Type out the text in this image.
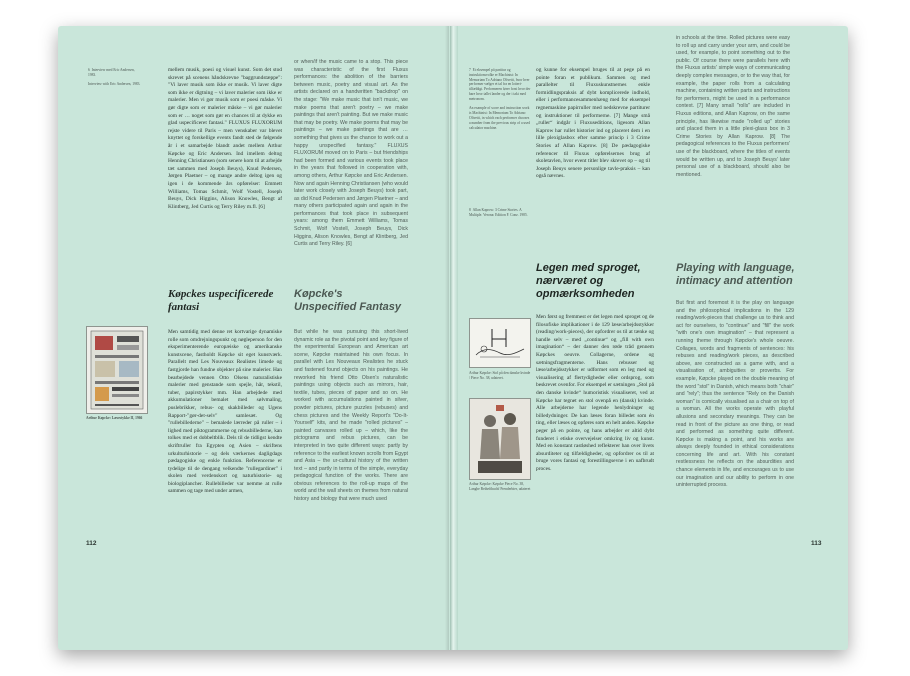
6 Interview med Eric Andersen, 1983.

Interview with Eric Andersen, 1983.

mellem musik, poesi og visuel kunst. Som det stod skrevet på scenens håndskrevne "baggrundstæppe": "Vi laver musik som ikke er musik. Vi laver digte som ikke er digtning – vi laver malerier som ikke er malerier. Men vi gør musik som er poesi måske. Vi gør digte som er malerier måske – vi gør malerier som er … noget som gør en chances til at dykke en glad uspecificeret fantasi." FLUXUS FLUXORUM rejste videre til Paris – men venskaber var blevet knyttet og forskellige events fandt sted de følgende år i et samarbejde blandt andet mellem Arthur Køpcke og Eric Andersen. Ind imellem deltog Henning Christiansen (som senere kom til at arbejde tæt sammen med Joseph Beuys), Knud Pedersen, Jørgen Plaetner – og mange andre deltog igen og igen i de kommende års opførelser: Emmett Williams, Tomas Schmit, Wolf Vostell, Joseph Beuys, Dick Higgins, Alison Knowles, Bengt af Klintberg, Jed Curtis og Terry Riley m.fl. [6]

or when/if the music came to a stop. This piece was characteristic of the first Fluxus performances: the abolition of the barriers between music, poetry and visual art. As the artists declared on a handwritten "backdrop" on the stage: "We make music that isn't music, we make poems that aren't poetry – we make paintings that aren't painting. But we make music that may be poetry. We make poems that may be paintings – we make paintings that are … something that gives us the chance to work out a happy unspecified fantasy." FLUXUS FLUXORUM moved on to Paris – but friendships had been formed and various events took place in the years that followed in cooperation with, among others, Arthur Køpcke and Eric Andersen. Now and again Henning Christiansen (who would later work closely with Joseph Beuys) took part, as did Knud Pedersen and Jørgen Plaetner – and many others participated again and again in the performances that took place in subsequent years: among them Emmett Williams, Tomas Schmit, Wolf Vostell, Joseph Beuys, Dick Higgins, Alison Knowles, Bengt af Klintberg, Jed Curtis and Terry Riley. [6]

Køpckes uspecificerede fantasi
Køpcke's Unspecified Fantasy

Arthur Køpcke: Læsestykke II, 1966

Men samtidig med denne ret kortvarige dynamiske rolle som omdrejningspunkt og nøgleperson for den eksperimenterende europæiske og amerikanske kunstscene, fastholdt Køpcke sit eget kunstværk. Parallelt med Les Nouveaux Realistes limede og fastgjorde han fundne objekter på sine malerier. Han bearbejdede vennen Otto Olsens naturalistiske malerier med genstande som spejle, hår, tekstil, tuber, papirstykker mm. Han arbejdede med akkumulationer bemalet med sølvmaling, puslebrikker, rebus- og skakbilleder og Ugens Rapport-"gør-det-selv" samlesæt. Og "rullebillederne" – bemalede lærreder på ruller – i lighed med piktogrammerne og rebusbillederne, kan tolkes med et dobbeltblik. Dels til de tidligst kendte skriftruller fra Egypten og Asien – skriftens urkulturhistorie – og dels værkernes dagligdags pædagogiske og enkle funktion. Referencerne er tydelige til de dengang velkendte "rullegardiner" i skolen med verdenskort og naturhistorie- og biologiplancher. Rullebilleder var nemme at rulle sammen og tage med under armen,

But while he was pursuing this short-lived dynamic role as the pivotal point and key figure of the experimental European and American art scene, Køpcke maintained his own focus. In parallel with Les Nouveaux Realistes he stuck and fastened found objects on his paintings. He reworked his friend Otto Olsen's naturalistic paintings using objects such as mirrors, hair, textile, tubes, pieces of paper and so on. He worked with accumulations painted in silver, powder pictures, picture puzzles (rebuses) and chess pictures and the Weekly Report's "Do-It-Yourself" kits, and he made "rolled pictures" – painted canvases rolled up – which, like the pictograms and rebus pictures, can be interpreted in two quite different ways: partly by reference to the earliest known scrolls from Egypt and Asia – the ur-cultural history of the written text – and partly in terms of the simple, everyday pedagogical function of the works. There are obvious references to the roll-up maps of the world and the wall sheets on themes from natural history and biology that were much used

112

7 Et eksempel på partitur og instruktionsvolke er Machinist: In Memoriam To Adriano Olivetti, hvor hver performer vælger et tal fra en lotteri-tilfældigt. Performeren fører forst hvor der bare hvor tallet lander og der i takt med metronom.

An example of score and instruction work is Machinist: In Memoriam To Adriano Olivetti, in which each performer chooses a number from the previous strip of a used calculator machine.

8 Allan Kaprow: 3 Crime Stories. A Multiple. Verona: Edition F. Conz. 1985.

og kunne for eksempel bruges til at pege på en pointe foran et publikum. Sammen og med parallelter til Fluxuskunstnernes enkle formidlingspraksis af dybt komplicerede indhold, eller i performancesammenhæng med for eksempel regnemaskine papirruller med nedskrevne partiturer og instruktioner til performerne. [7] Mange små „ruller“ indgår i Fluxuseditions, ligesom Allan Kaprow har rullet historier ind og placeret dem i en lille plexiglasbox efter samme princip i 3 Crime Stories af Allan Kaprow. [8] De pædagogiske referencer til Fluxus opførelsernes brug af skoletavlen, hvor event titler blev skrevet op – og til Joseph Beuys senere personlige tavle-praksis – kan også nævnes.

in schools at the time. Rolled pictures were easy to roll up and carry under your arm, and could be used, for example, to point something out to the public. Of course there were parallels here with the Fluxus artists' simple ways of communicating deeply complex messages, or to the way that, for example, the paper rolls from a calculating machine, containing written parts and instructions for performers, might be used in a performance context. [7] Many small "rolls" are included in Fluxus editions, and Allan Kaprow, on the same principle, has likewise made "rolled up" stories and placed them in a little plexi-glass box in 3 Crime Stories by Allan Kaprow. [8] The pedagogical references to the Fluxus performers' use of the blackboard, where the titles of events would be written up, and to Joseph Beuys' later personal use of a blackboard, should also be mentioned.

Legen med sproget, nærværet og opmærksomheden
Playing with language, intimacy and attention

Arthur Køpcke: Stol på den danske kvinde / Piece No. 38, udateret.

Arthur Køpcke: Køpcke Piece No. 38, Langhe Beiheftbuchf Prenderbier, udateret

Men først og fremmest er det legen med sproget og de filosofiske implikationer i de 129 læse/arbejdsstykker (reading/work-pieces), der opfordrer os til at tænke og handle selv – med „continue“ og „fill with own imagination“ – der danner den røde tråd gennem Køpckes oeuvre. Collagerne, ordene og sætningsfragmenterne. Hans rebusser og læse/arbejdsstykker er udformet som en leg med og visualisering af flertydigheder eller ordsprog, som beskrevet ovenfor. For eksempel er sætningen „Stol på den danske kvinde“ humoristisk visualiseret, ved at Køpcke har tegnet en stol ovenpå en (dansk) kvinde. Alle arbejderne har legende henlydninger og billedydninger. De kan læses foran billedet som én ting, eller læses og opføres som en helt anden. Køpcke peger på en pointe, og hans arbejder er altid dybt funderet i etiske overvejelser omkring liv og kunst. Med en konstant rastløshed reflekterer han over livets absurditeter og tilfældigheder, og opfordrer os til at bruge vores fantasi og forestillingsevne i en uafbrudt proces.

But first and foremost it is the play on language and the philosophical implications in the 129 reading/work-pieces that challenge us to think and act for ourselves, to "continue" and "fill" the work "with one's own imagination" – that represent a running theme through Køpcke's whole oeuvre. Collages, words and fragments of sentences: his rebuses and reading/work pieces, as described above, are constructed as a game with, and a visualisation of, ambiguities or proverbs. For example, Køpcke played on the double meaning of the word "stol" in Danish, which means both "chair" and "rely"; thus the sentence "Rely on the Danish woman" is comically visualised as a chair on top of a woman. All the works operate with playful allusions and secondary meanings. They can be read in front of the picture as one thing, or read and performed as something quite different. Køpcke is making a point, and his works are always deeply founded in ethical considerations concerning life and art. With his constant restlessness he reflects on the absurdities and chance elements in life, and encourages us to use our imagination and our ability to perform in one uninterrupted process.

113
